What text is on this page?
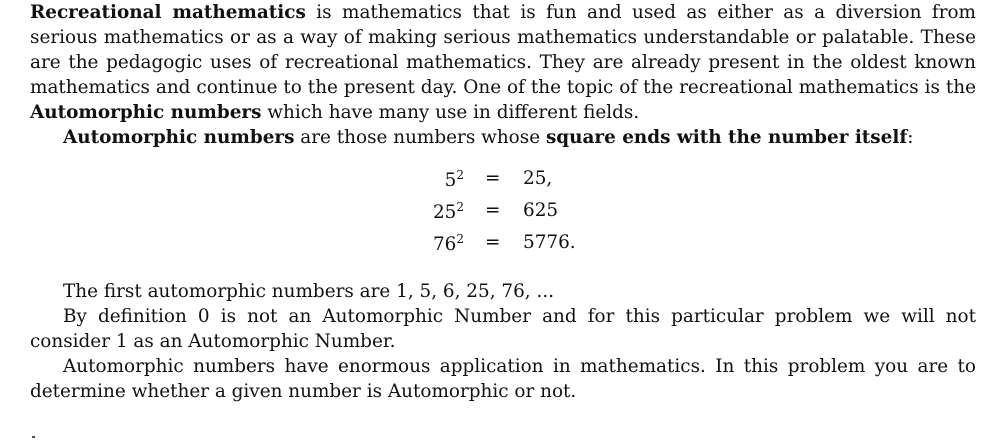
Recreational mathematics is mathematics that is fun and used as either as a diversion from serious mathematics or as a way of making serious mathematics understandable or palatable. These are the pedagogic uses of recreational mathematics. They are already present in the oldest known mathematics and continue to the present day. One of the topic of the recreational mathematics is the Automorphic numbers which have many use in different fields.

Automorphic numbers are those numbers whose square ends with the number itself:

$5^2 = 25$,
$25^2 = 625$
$76^2 = 5776$.

The first automorphic numbers are 1, 5, 6, 25, 76, ...

By definition 0 is not an Automorphic Number and for this particular problem we will not consider 1 as an Automorphic Number.

Automorphic numbers have enormous application in mathematics. In this problem you are to determine whether a given number is Automorphic or not.
